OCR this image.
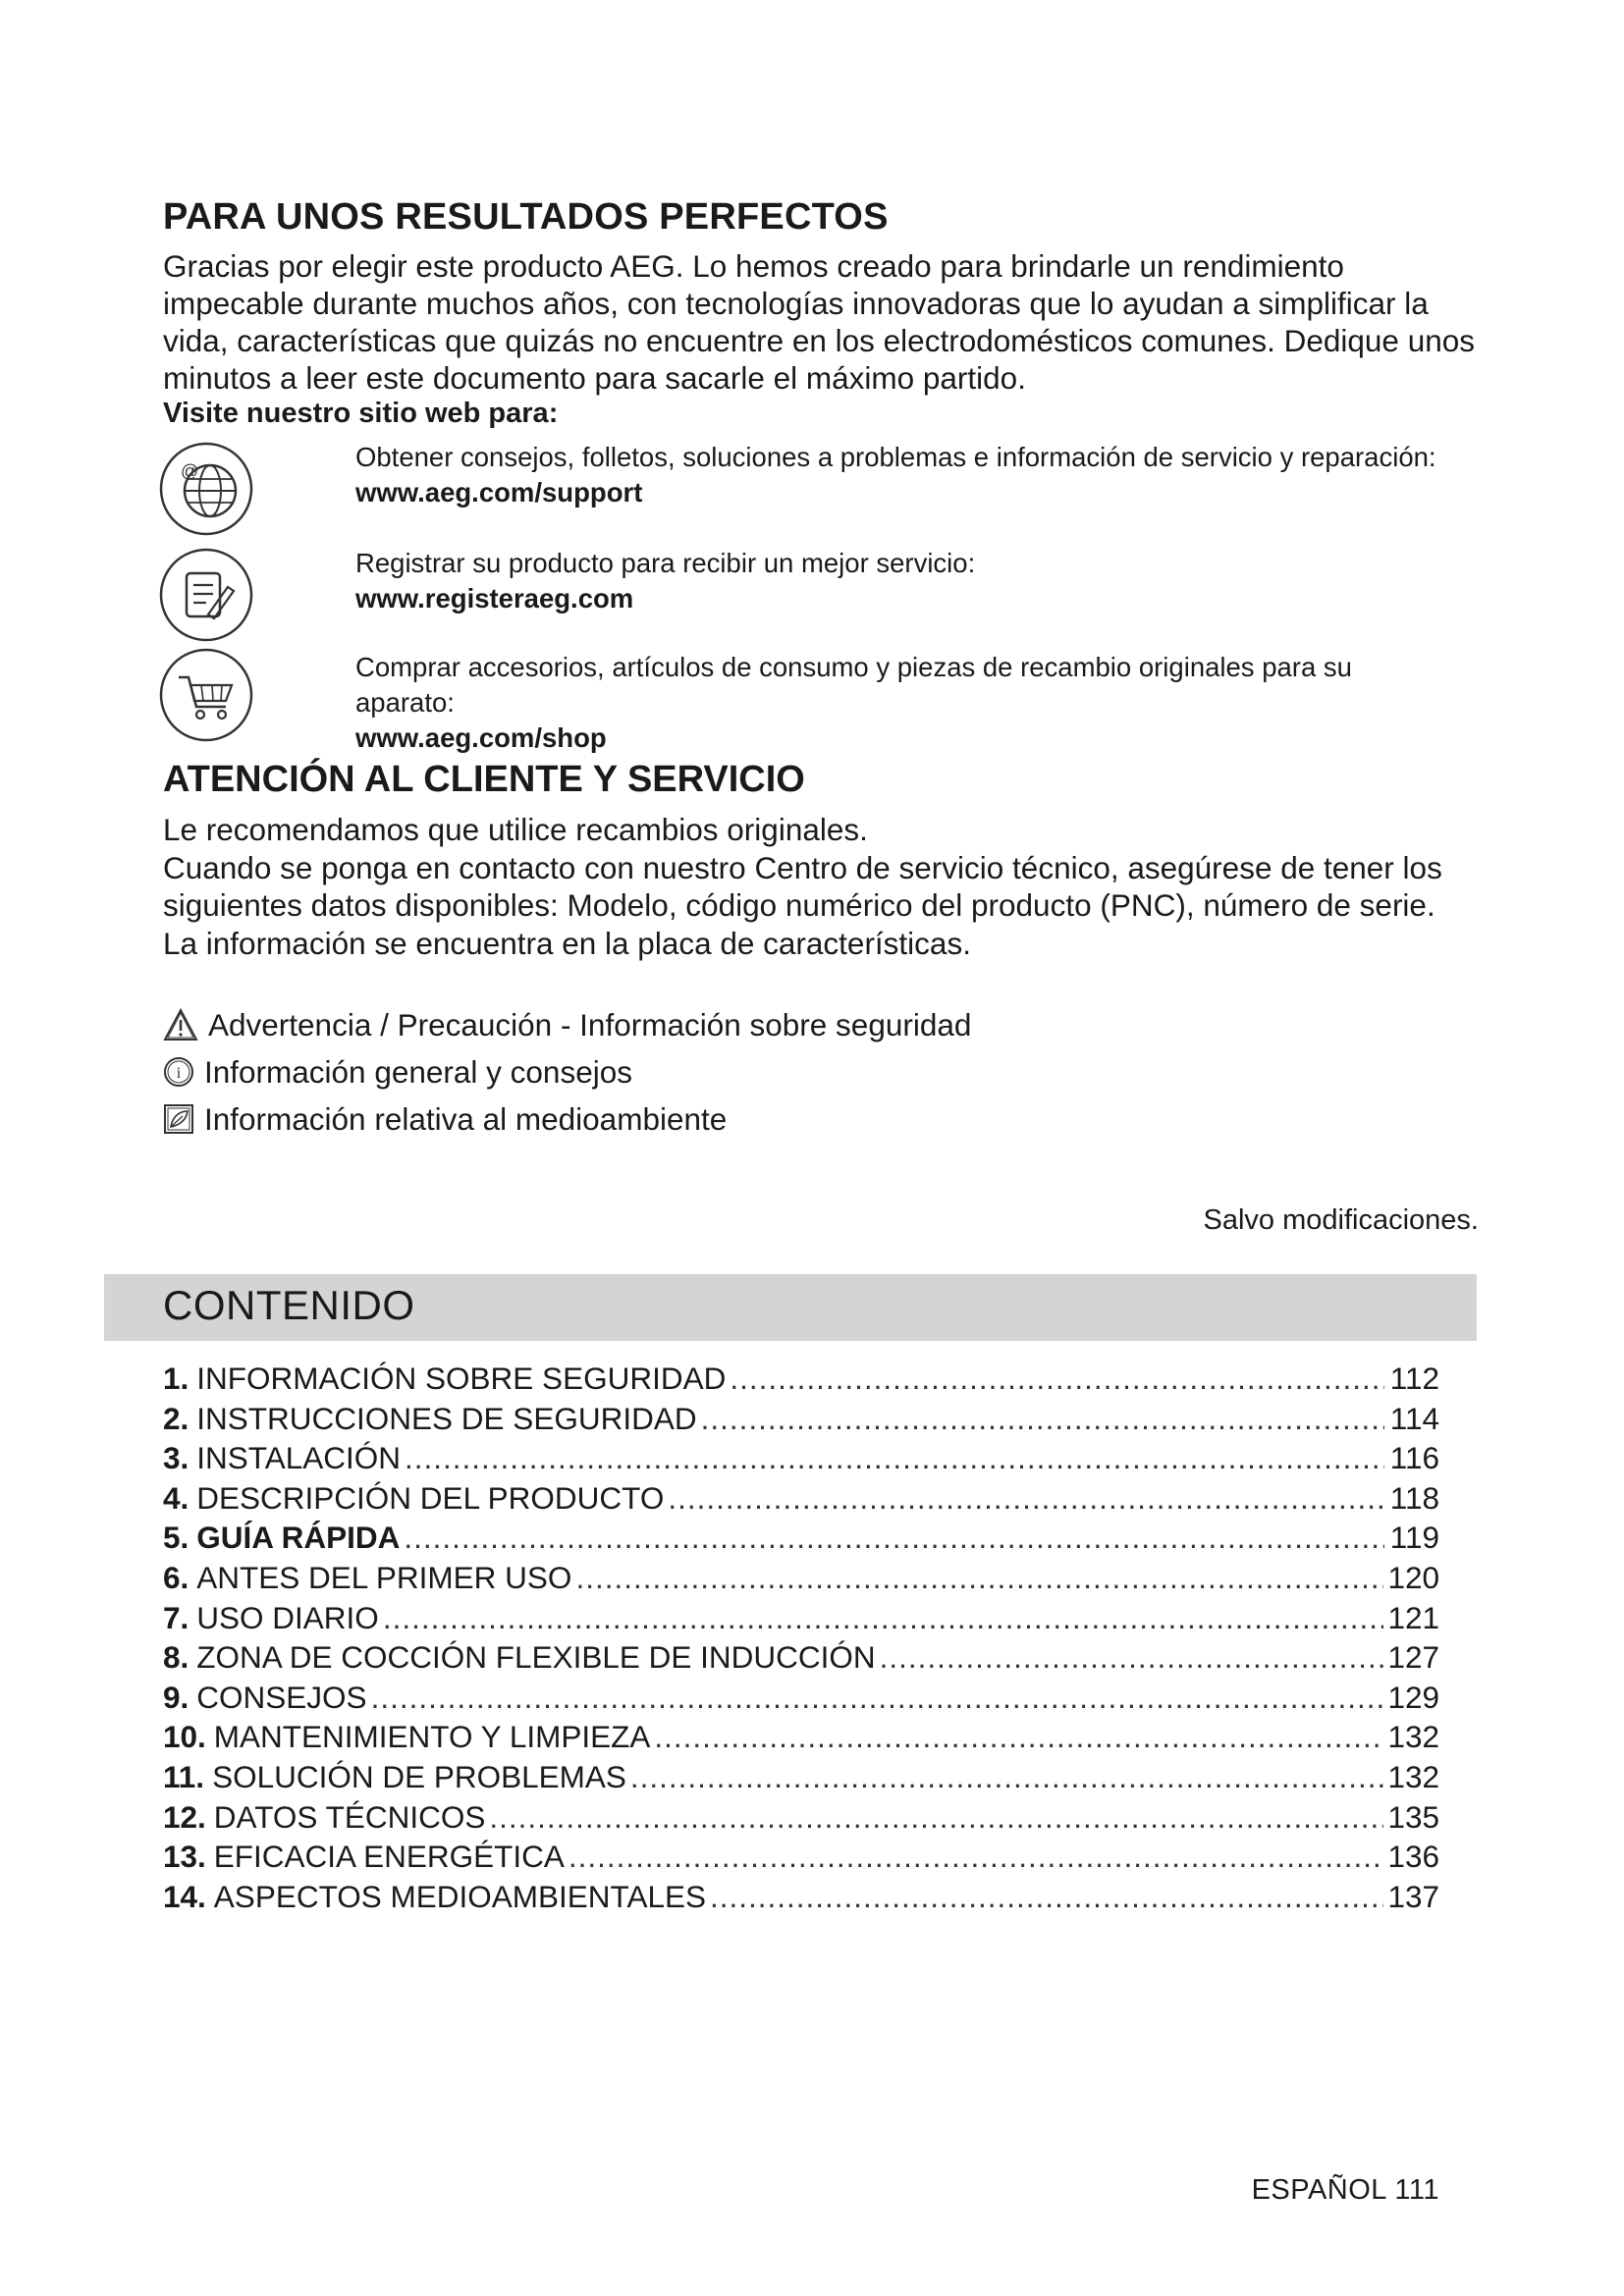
PARA UNOS RESULTADOS PERFECTOS

Gracias por elegir este producto AEG. Lo hemos creado para brindarle un rendimiento impecable durante muchos años, con tecnologías innovadoras que lo ayudan a simplificar la vida, características que quizás no encuentre en los electrodomésticos comunes. Dedique unos minutos a leer este documento para sacarle el máximo partido.

Visite nuestro sitio web para:

@	Obtener consejos, folletos, soluciones a problemas e información de servicio y reparación:
www.aeg.com/support
Registrar su producto para recibir un mejor servicio:
www.registeraeg.com
Comprar accesorios, artículos de consumo y piezas de recambio originales para su aparato:
www.aeg.com/shop
ATENCIÓN AL CLIENTE Y SERVICIO
Le recomendamos que utilice recambios originales.
Cuando se ponga en contacto con nuestro Centro de servicio técnico, asegúrese de tener los siguientes datos disponibles: Modelo, código numérico del producto (PNC), número de serie.
La información se encuentra en la placa de características.
Advertencia / Precaución - Información sobre seguridad
i Información general y consejos
Información relativa al medioambiente
Salvo modificaciones.
CONTENIDO
1. INFORMACIÓN SOBRE SEGURIDAD .....	112
2. INSTRUCCIONES DE SEGURIDAD .....	114
3. INSTALACIÓN .....	116
4. DESCRIPCIÓN DEL PRODUCTO .....	118
5. GUÍA RÁPIDA .....	119
6. ANTES DEL PRIMER USO .....	120
7. USO DIARIO .....	121
8. ZONA DE COCCIÓN FLEXIBLE DE INDUCCIÓN .....	127
9. CONSEJOS .....	129
10. MANTENIMIENTO Y LIMPIEZA .....	132
11. SOLUCIÓN DE PROBLEMAS .....	132
12. DATOS TÉCNICOS .....	135
13. EFICACIA ENERGÉTICA .....	136
14. ASPECTOS MEDIOAMBIENTALES .....	137
ESPAÑOL 111
